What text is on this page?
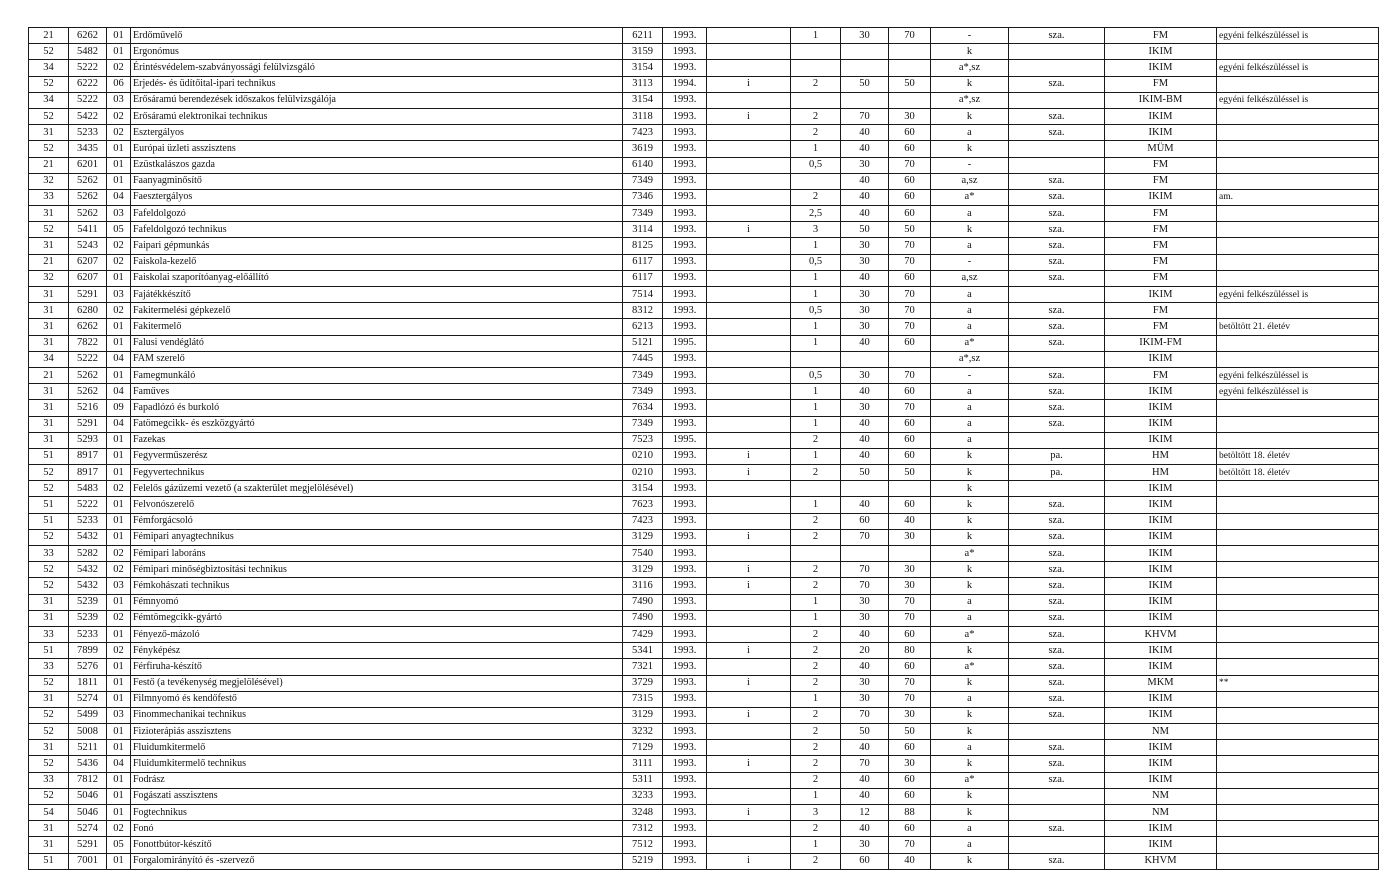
21	6262	01	Erdőművelő	6211	1993.		1	30	70	-	sza.	FM	egyéni felkészüléssel is
52	5482	01	Ergonómus	3159	1993.					k		IKIM	
34	5222	02	Érintésvédelem-szabványossági felülvizsgáló	3154	1993.					a*,sz		IKIM	egyéni felkészüléssel is
52	6222	06	Erjedés- és üdítőital-ipari technikus	3113	1994.	i	2	50	50	k	sza.	FM	
34	5222	03	Erősáramú berendezések időszakos felülvizsgálója	3154	1993.					a*,sz		IKIM-BM	egyéni felkészüléssel is
52	5422	02	Erősáramú elektronikai technikus	3118	1993.	i	2	70	30	k	sza.	IKIM	
31	5233	02	Esztergályos	7423	1993.		2	40	60	a	sza.	IKIM	
52	3435	01	Európai üzleti asszisztens	3619	1993.		1	40	60	k		MÜM	
21	6201	01	Ezüstkalászos gazda	6140	1993.		0,5	30	70	-		FM	
32	5262	01	Faanyagminősítő	7349	1993.			40	60	a,sz	sza.	FM	
33	5262	04	Faesztergályos	7346	1993.		2	40	60	a*	sza.	IKIM	am.
31	5262	03	Fafeldolgozó	7349	1993.		2,5	40	60	a	sza.	FM	
52	5411	05	Fafeldolgozó technikus	3114	1993.	i	3	50	50	k	sza.	FM	
31	5243	02	Faipari gépmunkás	8125	1993.		1	30	70	a	sza.	FM	
21	6207	02	Faiskola-kezelő	6117	1993.		0,5	30	70	-	sza.	FM	
32	6207	01	Faiskolai szaporítóanyag-előállító	6117	1993.		1	40	60	a,sz	sza.	FM	
31	5291	03	Fajátékkészítő	7514	1993.		1	30	70	a		IKIM	egyéni felkészüléssel is
31	6280	02	Fakitermelési gépkezelő	8312	1993.		0,5	30	70	a	sza.	FM	
31	6262	01	Fakitermelő	6213	1993.		1	30	70	a	sza.	FM	betöltött 21. életév
31	7822	01	Falusi vendéglátó	5121	1995.		1	40	60	a*	sza.	IKIM-FM	
34	5222	04	FAM szerelő	7445	1993.					a*,sz		IKIM	
21	5262	01	Famegmunkáló	7349	1993.		0,5	30	70	-	sza.	FM	egyéni felkészüléssel is
31	5262	04	Faműves	7349	1993.		1	40	60	a	sza.	IKIM	egyéni felkészüléssel is
31	5216	09	Fapadlózó és burkoló	7634	1993.		1	30	70	a	sza.	IKIM	
31	5291	04	Fatömegcikk- és eszközgyártó	7349	1993.		1	40	60	a	sza.	IKIM	
31	5293	01	Fazekas	7523	1995.		2	40	60	a		IKIM	
51	8917	01	Fegyverműszerész	0210	1993.	i	1	40	60	k	pa.	HM	betöltött 18. életév
52	8917	01	Fegyvertechnikus	0210	1993.	i	2	50	50	k	pa.	HM	betöltött 18. életév
52	5483	02	Felelős gázüzemi vezető (a szakterület megjelölésével)	3154	1993.					k		IKIM	
51	5222	01	Felvonószerelő	7623	1993.		1	40	60	k	sza.	IKIM	
51	5233	01	Fémforgácsoló	7423	1993.		2	60	40	k	sza.	IKIM	
52	5432	01	Fémipari anyagtechnikus	3129	1993.	i	2	70	30	k	sza.	IKIM	
33	5282	02	Fémipari laboráns	7540	1993.					a*	sza.	IKIM	
52	5432	02	Fémipari minőségbiztosítási technikus	3129	1993.	i	2	70	30	k	sza.	IKIM	
52	5432	03	Fémkohászati technikus	3116	1993.	i	2	70	30	k	sza.	IKIM	
31	5239	01	Fémnyomó	7490	1993.		1	30	70	a	sza.	IKIM	
31	5239	02	Fémtömegcikk-gyártó	7490	1993.		1	30	70	a	sza.	IKIM	
33	5233	01	Fényező-mázoló	7429	1993.		2	40	60	a*	sza.	KHVM	
51	7899	02	Fényképész	5341	1993.	i	2	20	80	k	sza.	IKIM	
33	5276	01	Férfiruha-készítő	7321	1993.		2	40	60	a*	sza.	IKIM	
52	1811	01	Festő (a tevékenység megjelölésével)	3729	1993.	i	2	30	70	k	sza.	MKM	**
31	5274	01	Filmnyomó és kendőfestő	7315	1993.		1	30	70	a	sza.	IKIM	
52	5499	03	Finommechanikai technikus	3129	1993.	i	2	70	30	k	sza.	IKIM	
52	5008	01	Fizioterápiás asszisztens	3232	1993.		2	50	50	k		NM	
31	5211	01	Fluidumkitermelő	7129	1993.		2	40	60	a	sza.	IKIM	
52	5436	04	Fluidumkitermelő technikus	3111	1993.	i	2	70	30	k	sza.	IKIM	
33	7812	01	Fodrász	5311	1993.		2	40	60	a*	sza.	IKIM	
52	5046	01	Fogászati asszisztens	3233	1993.		1	40	60	k		NM	
54	5046	01	Fogtechnikus	3248	1993.	i	3	12	88	k		NM	
31	5274	02	Fonó	7312	1993.		2	40	60	a	sza.	IKIM	
31	5291	05	Fonottbútor-készítő	7512	1993.		1	30	70	a		IKIM	
51	7001	01	Forgalomirányító és -szervező	5219	1993.	i	2	60	40	k	sza.	KHVM	
